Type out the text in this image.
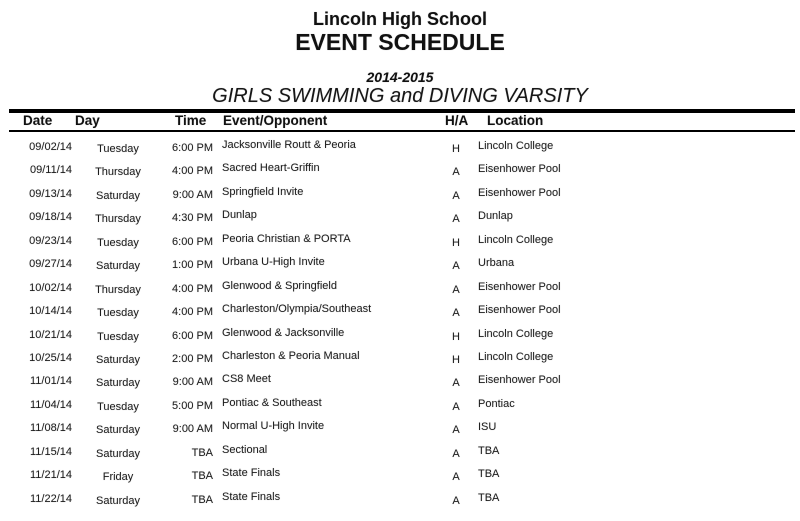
Lincoln High School
EVENT SCHEDULE
2014-2015
GIRLS SWIMMING and DIVING VARSITY
Date Day	Time Event/Opponent	H/A Location
09/02/14	Tuesday	6:00 PM Jacksonville Routt & Peoria	H	Lincoln College
09/11/14	Thursday	4:00 PM Sacred Heart-Griffin	A	Eisenhower Pool
09/13/14	Saturday	9:00 AM Springfield Invite	A	Eisenhower Pool
09/18/14	Thursday	4:30 PM Dunlap	A	Dunlap
09/23/14	Tuesday	6:00 PM Peoria Christian & PORTA	H	Lincoln College
09/27/14	Saturday	1:00 PM Urbana U-High Invite	A	Urbana
10/02/14	Thursday	4:00 PM Glenwood & Springfield	A	Eisenhower Pool
10/14/14	Tuesday	4:00 PM Charleston/Olympia/Southeast	A	Eisenhower Pool
10/21/14	Tuesday	6:00 PM Glenwood & Jacksonville	H	Lincoln College
10/25/14	Saturday	2:00 PM Charleston & Peoria Manual	H	Lincoln College
11/01/14	Saturday	9:00 AM CS8 Meet	A	Eisenhower Pool
11/04/14	Tuesday	5:00 PM Pontiac & Southeast	A	Pontiac
11/08/14	Saturday	9:00 AM Normal U-High Invite	A	ISU
11/15/14	Saturday	TBA Sectional	A	TBA
11/21/14	Friday	TBA State Finals	A	TBA
11/22/14	Saturday	TBA State Finals	A	TBA
